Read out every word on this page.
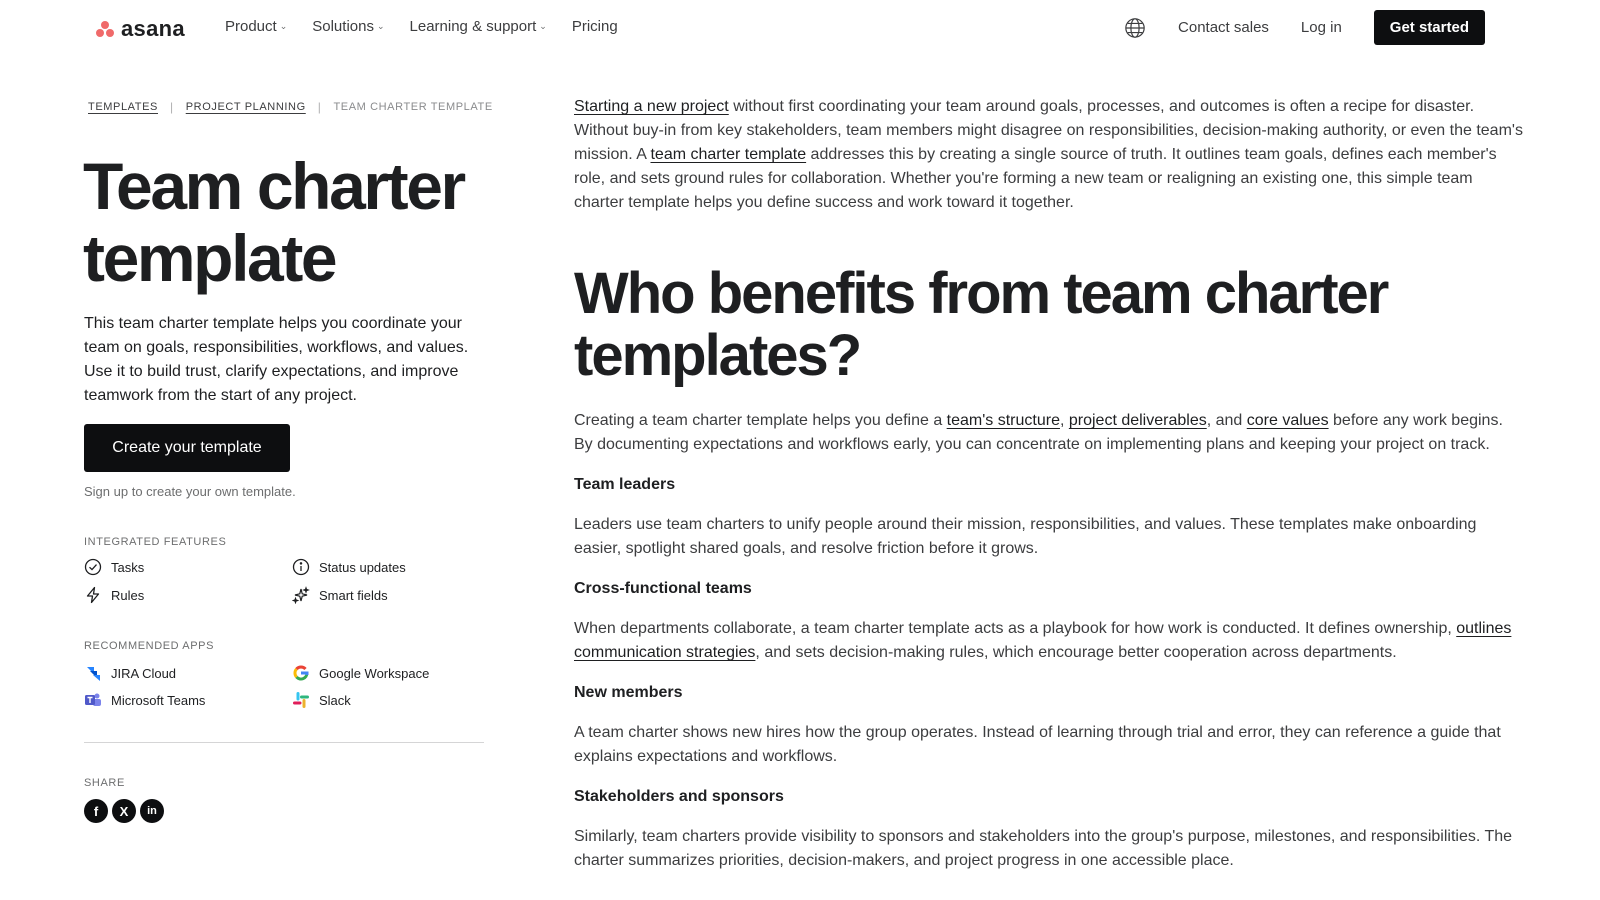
asana	Product ⌄ Solutions ⌄ Learning & support ⌄ Pricing	Contact sales Log in	Get started
TEMPLATES | PROJECT PLANNING | TEAM CHARTER TEMPLATE
Team charter template

This team charter template helps you coordinate your team on goals, responsibilities, workflows, and values. Use it to build trust, clarify expectations, and improve teamwork from the start of any project.

Create your template
Sign up to create your own template.
INTEGRATED FEATURES
Tasks	Status updates
Rules	Smart fields
RECOMMENDED APPS
JIRA Cloud	Google Workspace
Microsoft Teams	Slack
SHARE
f	X	in

Starting a new project without first coordinating your team around goals, processes, and outcomes is often a recipe for disaster. Without buy-in from key stakeholders, team members might disagree on responsibilities, decision-making authority, or even the team's mission. A team charter template addresses this by creating a single source of truth. It outlines team goals, defines each member's role, and sets ground rules for collaboration. Whether you're forming a new team or realigning an existing one, this simple team charter template helps you define success and work toward it together.

Who benefits from team charter templates?

Creating a team charter template helps you define a team's structure, project deliverables, and core values before any work begins. By documenting expectations and workflows early, you can concentrate on implementing plans and keeping your project on track.

Team leaders

Leaders use team charters to unify people around their mission, responsibilities, and values. These templates make onboarding easier, spotlight shared goals, and resolve friction before it grows.

Cross-functional teams

When departments collaborate, a team charter template acts as a playbook for how work is conducted. It defines ownership, outlines communication strategies, and sets decision-making rules, which encourage better cooperation across departments.

New members

A team charter shows new hires how the group operates. Instead of learning through trial and error, they can reference a guide that explains expectations and workflows.

Stakeholders and sponsors

Similarly, team charters provide visibility to sponsors and stakeholders into the group's purpose, milestones, and responsibilities. The charter summarizes priorities, decision-makers, and project progress in one accessible place.
